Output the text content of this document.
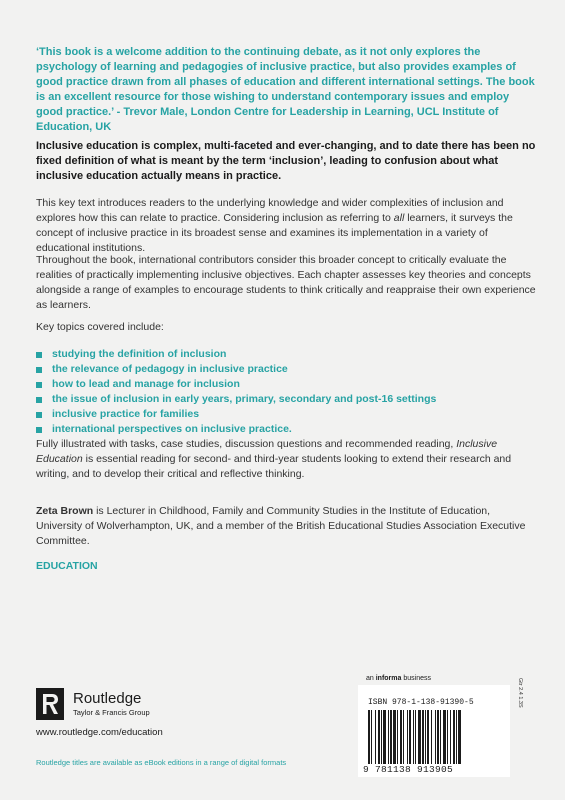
‘This book is a welcome addition to the continuing debate, as it not only explores the psychology of learning and pedagogies of inclusive practice, but also provides examples of good practice drawn from all phases of education and different international settings. The book is an excellent resource for those wishing to understand contemporary issues and employ good practice.’ - Trevor Male, London Centre for Leadership in Learning, UCL Institute of Education, UK

Inclusive education is complex, multi-faceted and ever-changing, and to date there has been no fixed definition of what is meant by the term ‘inclusion’, leading to confusion about what inclusive education actually means in practice.

This key text introduces readers to the underlying knowledge and wider complexities of inclusion and explores how this can relate to practice. Considering inclusion as referring to all learners, it surveys the concept of inclusive practice in its broadest sense and examines its implementation in a variety of educational institutions.

Throughout the book, international contributors consider this broader concept to critically evaluate the realities of practically implementing inclusive objectives. Each chapter assesses key theories and concepts alongside a range of examples to encourage students to think critically and reappraise their own experience as learners.

Key topics covered include:

studying the definition of inclusion
the relevance of pedagogy in inclusive practice
how to lead and manage for inclusion
the issue of inclusion in early years, primary, secondary and post-16 settings
inclusive practice for families
international perspectives on inclusive practice.

Fully illustrated with tasks, case studies, discussion questions and recommended reading, Inclusive Education is essential reading for second- and third-year students looking to extend their research and writing, and to develop their critical and reflective thinking.

Zeta Brown is Lecturer in Childhood, Family and Community Studies in the Institute of Education, University of Wolverhampton, UK, and a member of the British Educational Studies Association Executive Committee.

EDUCATION

Routledge
Taylor & Francis Group

www.routledge.com/education

Routledge titles are available as eBook editions in a range of digital formats

an informa business
ISBN 978-1-138-91390-5
9 781138 913905
Gtr 2.4 1.3S
